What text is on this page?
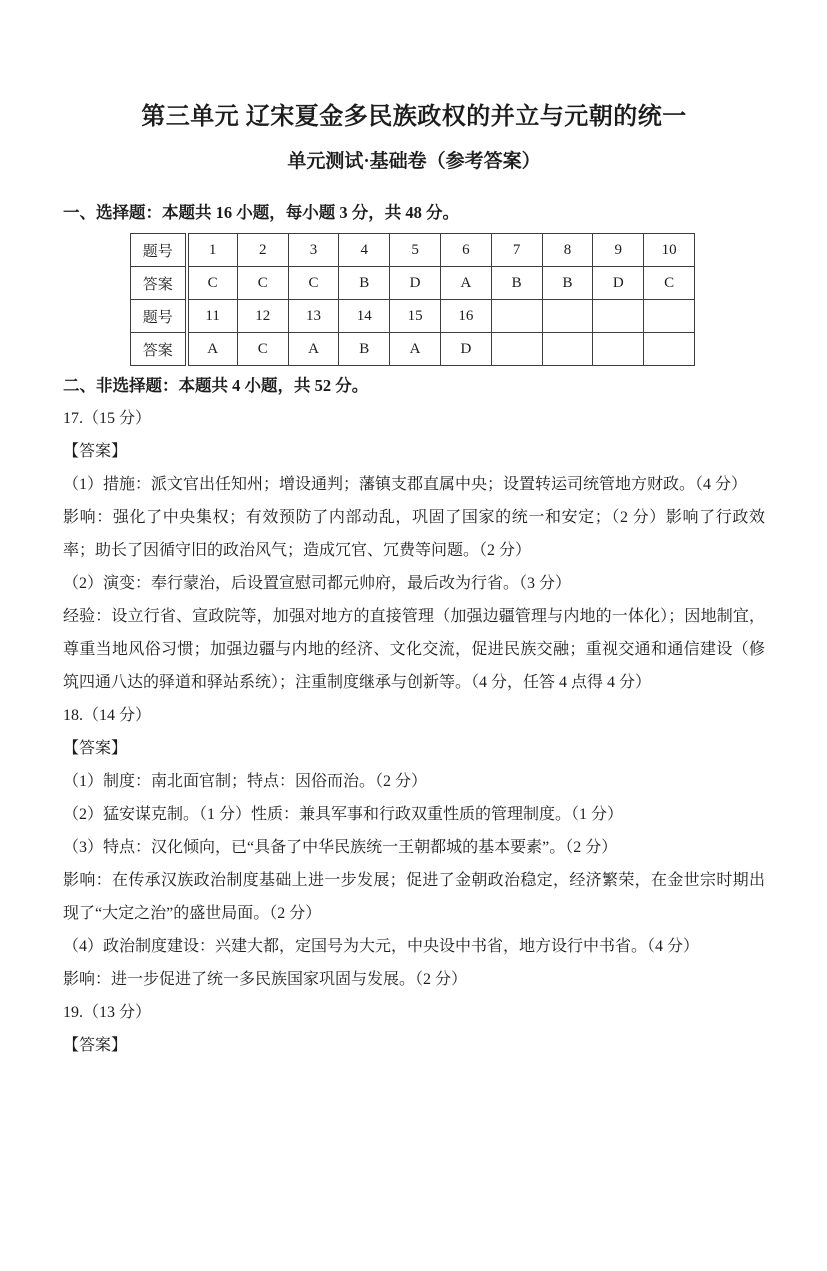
第三单元 辽宋夏金多民族政权的并立与元朝的统一
单元测试·基础卷（参考答案）

一、选择题：本题共 16 小题，每小题 3 分，共 48 分。

题号	1	2	3	4	5	6	7	8	9	10
答案	C	C	C	B	D	A	B	B	D	C
题号	11	12	13	14	15	16				
答案	A	C	A	B	A	D				

二、非选择题：本题共 4 小题，共 52 分。

17.（15 分）

【答案】

（1）措施：派文官出任知州；增设通判；藩镇支郡直属中央；设置转运司统管地方财政。（4 分）

影响：强化了中央集权；有效预防了内部动乱，巩固了国家的统一和安定；（2 分）影响了行政效率；助长了因循守旧的政治风气；造成冗官、冗费等问题。（2 分）

（2）演变：奉行蒙治，后设置宣慰司都元帅府，最后改为行省。（3 分）

经验：设立行省、宣政院等，加强对地方的直接管理（加强边疆管理与内地的一体化）；因地制宜，尊重当地风俗习惯；加强边疆与内地的经济、文化交流，促进民族交融；重视交通和通信建设（修筑四通八达的驿道和驿站系统）；注重制度继承与创新等。（4 分，任答 4 点得 4 分）

18.（14 分）

【答案】

（1）制度：南北面官制；特点：因俗而治。（2 分）

（2）猛安谋克制。（1 分）性质：兼具军事和行政双重性质的管理制度。（1 分）

（3）特点：汉化倾向，已“具备了中华民族统一王朝都城的基本要素”。（2 分）

影响：在传承汉族政治制度基础上进一步发展；促进了金朝政治稳定，经济繁荣，在金世宗时期出现了“大定之治”的盛世局面。（2 分）

（4）政治制度建设：兴建大都，定国号为大元，中央设中书省，地方设行中书省。（4 分）

影响：进一步促进了统一多民族国家巩固与发展。（2 分）

19.（13 分）

【答案】
